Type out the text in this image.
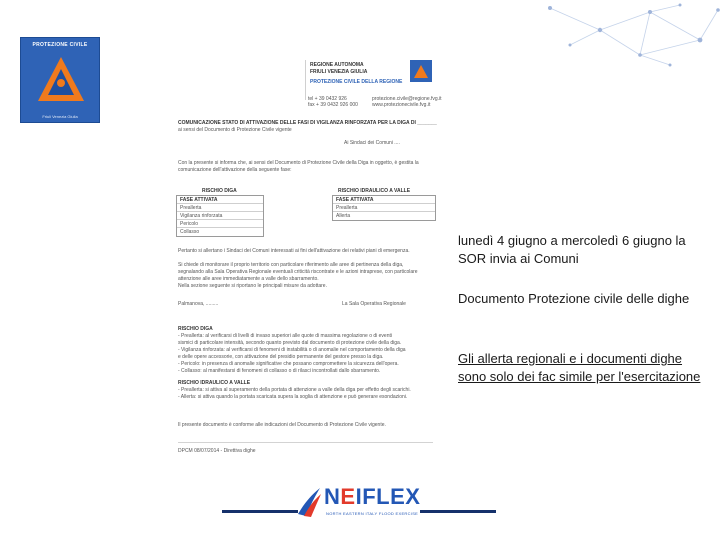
PROTEZIONE CIVILE
Friuli Venezia Giulia
REGIONE AUTONOMA
FRIULI VENEZIA GIULIA
PROTEZIONE CIVILE DELLA REGIONE
tel + 39 0432 926
fax + 39 0432 926 000
protezione.civile@regione.fvg.it
www.protezionecivile.fvg.it
COMUNICAZIONE STATO DI ATTIVAZIONE DELLE FASI DI VIGILANZA RINFORZATA PER LA DIGA DI _______
ai sensi del Documento di Protezione Civile vigente
Ai Sindaci dei Comuni ....
Con la presente si informa che, ai sensi del Documento di Protezione Civile della Diga in oggetto, è gestita la
comunicazione dell'attivazione della seguente fase:
RISCHIO DIGA
FASE ATTIVATA
Preallerta
Vigilanza rinforzata
Pericolo
Collasso
RISCHIO IDRAULICO A VALLE
FASE ATTIVATA
Preallerta
Allerta
Pertanto si allertano i Sindaci dei Comuni interessati ai fini dell'attivazione dei relativi piani di emergenza.
Si chiede di monitorare il proprio territorio con particolare riferimento alle aree di pertinenza della diga,
segnalando alla Sala Operativa Regionale eventuali criticità riscontrate e le azioni intraprese, con particolare
attenzione alle aree immediatamente a valle dello sbarramento.
Nella sezione seguente si riportano le principali misure da adottare.
Palmanova, .........	La Sala Operativa Regionale
RISCHIO DIGA
- Preallerta: al verificarsi di livelli di invaso superiori alle quote di massima regolazione o di eventi
sismici di particolare intensità, secondo quanto previsto dal documento di protezione civile della diga.
- Vigilanza rinforzata: al verificarsi di fenomeni di instabilità o di anomalie nel comportamento della diga
e delle opere accessorie, con attivazione del presidio permanente del gestore presso la diga.
- Pericolo: in presenza di anomalie significative che possano compromettere la sicurezza dell'opera.
- Collasso: al manifestarsi di fenomeni di collasso o di rilasci incontrollati dallo sbarramento.
RISCHIO IDRAULICO A VALLE
- Preallerta: si attiva al superamento della portata di attenzione a valle della diga per effetto degli scarichi.
- Allerta: si attiva quando la portata scaricata supera la soglia di attenzione e può generare esondazioni.
Il presente documento è conforme alle indicazioni del Documento di Protezione Civile vigente.
DPCM 08/07/2014 - Direttiva dighe
lunedì 4 giugno a mercoledì 6 giugno la SOR invia ai Comuni
Documento Protezione civile delle dighe
Gli allerta regionali e i documenti dighe sono solo dei fac simile per l'esercitazione
NEIFLEX
NORTH EASTERN ITALY FLOOD EXERCISE
